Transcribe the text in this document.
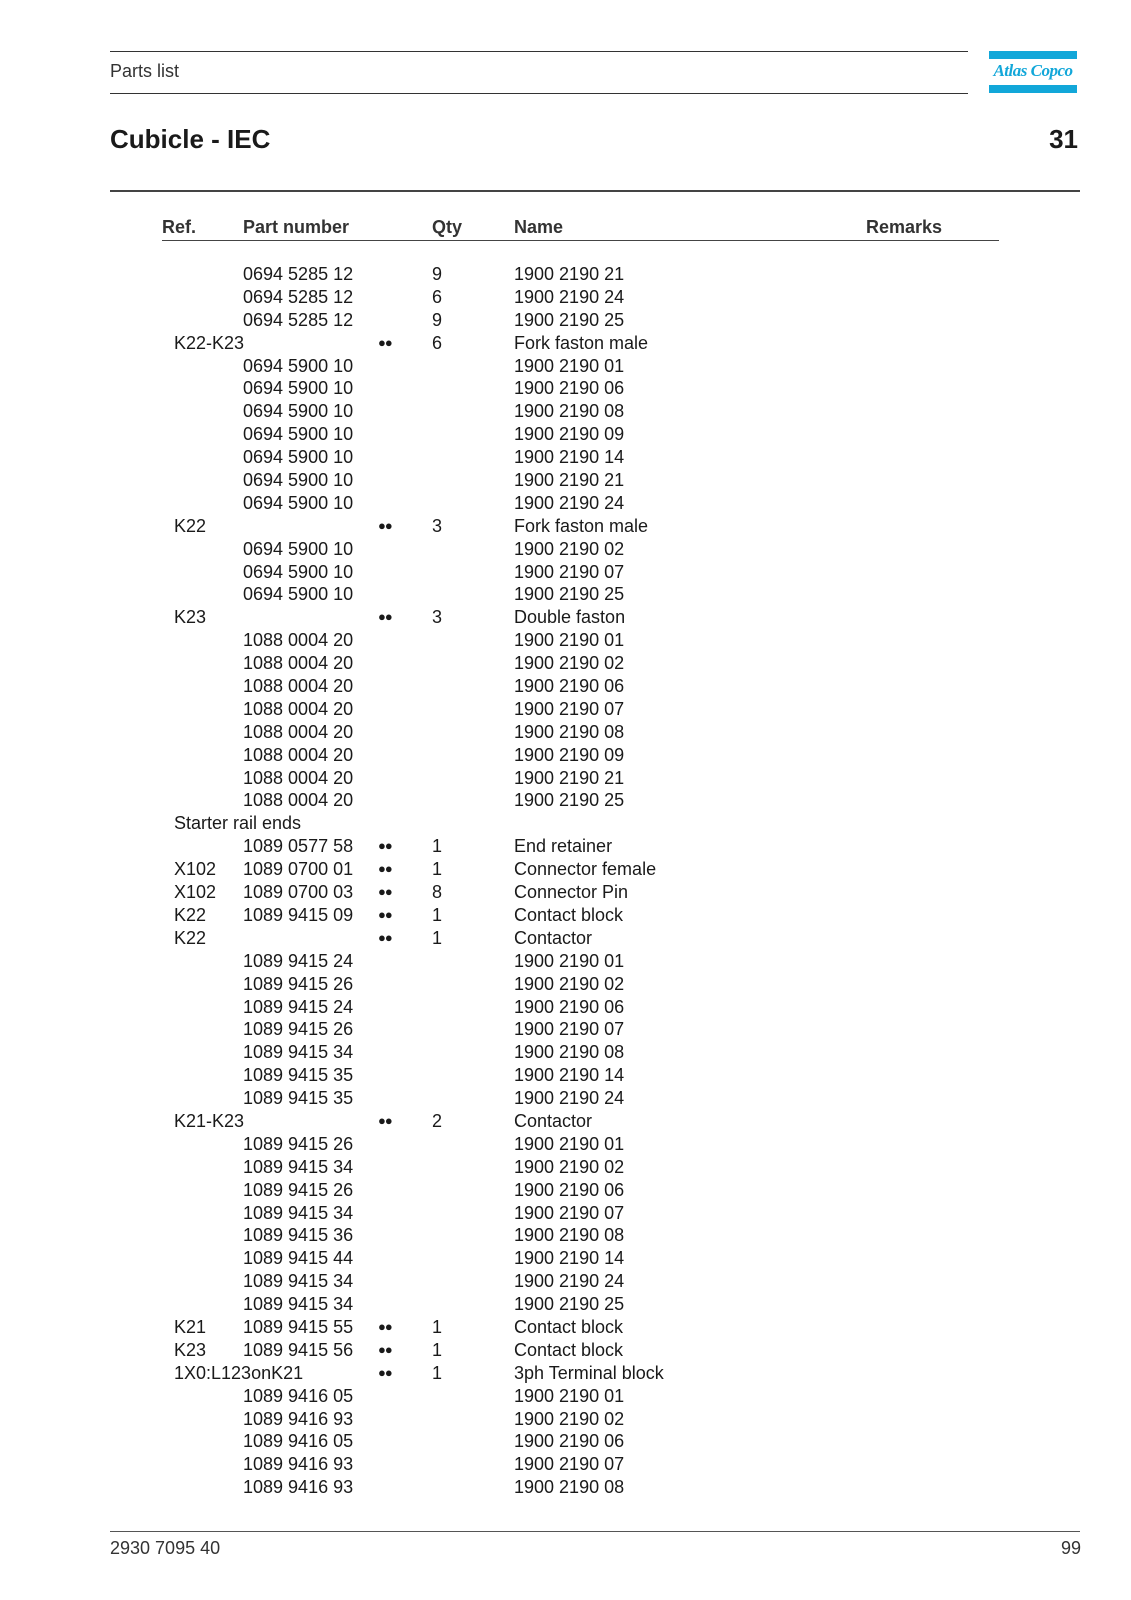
Parts list	Atlas Copco
Cubicle - IEC	31
Ref.	Part number	Qty	Name	Remarks
0694 5285 12	9	1900 2190 21
0694 5285 12	6	1900 2190 24
0694 5285 12	9	1900 2190 25
K22-K23	●● 6	Fork faston male
0694 5900 10	1900 2190 01
0694 5900 10	1900 2190 06
0694 5900 10	1900 2190 08
0694 5900 10	1900 2190 09
0694 5900 10	1900 2190 14
0694 5900 10	1900 2190 21
0694 5900 10	1900 2190 24
K22	●● 3	Fork faston male
0694 5900 10	1900 2190 02
0694 5900 10	1900 2190 07
0694 5900 10	1900 2190 25
K23	●● 3	Double faston
1088 0004 20	1900 2190 01
1088 0004 20	1900 2190 02
1088 0004 20	1900 2190 06
1088 0004 20	1900 2190 07
1088 0004 20	1900 2190 08
1088 0004 20	1900 2190 09
1088 0004 20	1900 2190 21
1088 0004 20	1900 2190 25
Starter rail ends
1089 0577 58 ●● 1	End retainer
X102 1089 0700 01 ●● 1	Connector female
X102 1089 0700 03 ●● 8	Connector Pin
K22 1089 9415 09 ●● 1	Contact block
K22	●● 1	Contactor
1089 9415 24	1900 2190 01
1089 9415 26	1900 2190 02
1089 9415 24	1900 2190 06
1089 9415 26	1900 2190 07
1089 9415 34	1900 2190 08
1089 9415 35	1900 2190 14
1089 9415 35	1900 2190 24
K21-K23	●● 2	Contactor
1089 9415 26	1900 2190 01
1089 9415 34	1900 2190 02
1089 9415 26	1900 2190 06
1089 9415 34	1900 2190 07
1089 9415 36	1900 2190 08
1089 9415 44	1900 2190 14
1089 9415 34	1900 2190 24
1089 9415 34	1900 2190 25
K21 1089 9415 55 ●● 1	Contact block
K23 1089 9415 56 ●● 1	Contact block
1X0:L123onK21	●● 1	3ph Terminal block
1089 9416 05	1900 2190 01
1089 9416 93	1900 2190 02
1089 9416 05	1900 2190 06
1089 9416 93	1900 2190 07
1089 9416 93	1900 2190 08
2930 7095 40	99
